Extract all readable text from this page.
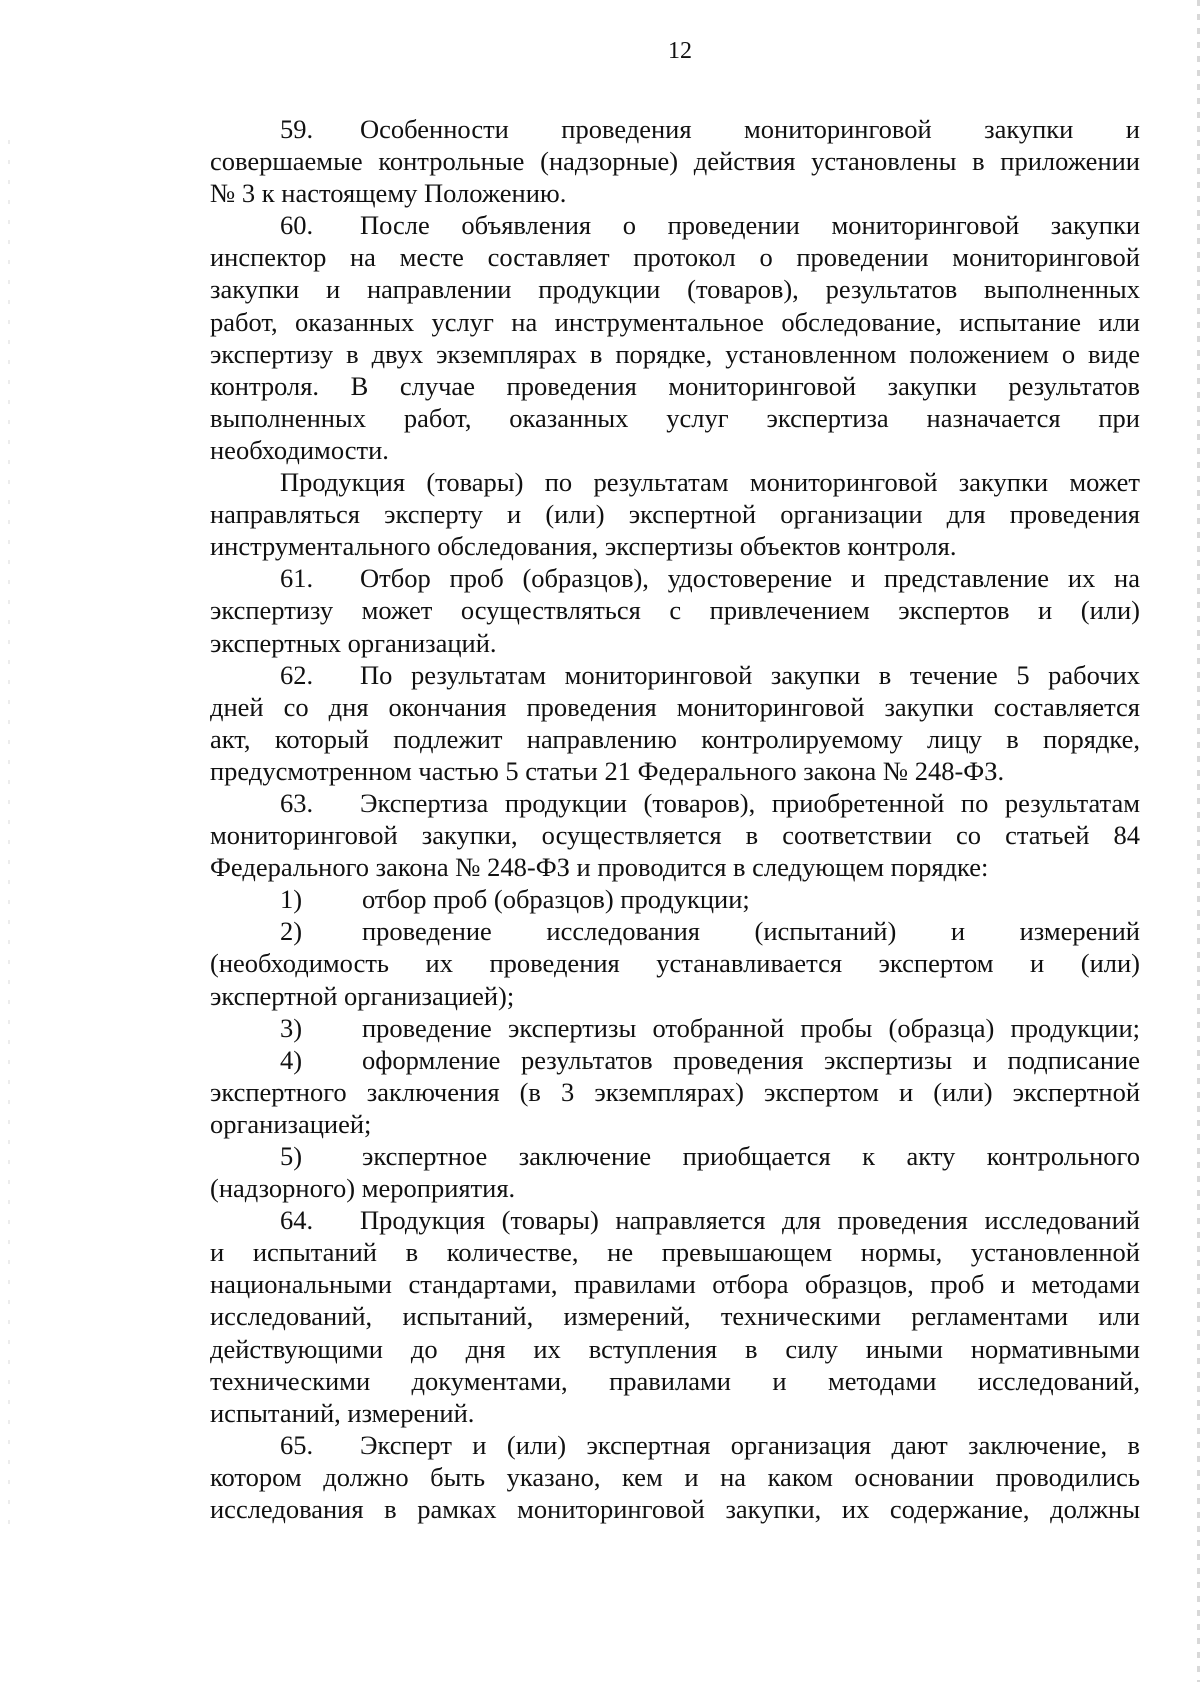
12
59. Особенности проведения мониторинговой закупки и
совершаемые контрольные (надзорные) действия установлены в приложении
№ 3 к настоящему Положению.
60. После объявления о проведении мониторинговой закупки
инспектор на месте составляет протокол о проведении мониторинговой
закупки и направлении продукции (товаров), результатов выполненных
работ, оказанных услуг на инструментальное обследование, испытание или
экспертизу в двух экземплярах в порядке, установленном положением о виде
контроля. В случае проведения мониторинговой закупки результатов
выполненных работ, оказанных услуг экспертиза назначается при
необходимости.
Продукция (товары) по результатам мониторинговой закупки может
направляться эксперту и (или) экспертной организации для проведения
инструментального обследования, экспертизы объектов контроля.
61. Отбор проб (образцов), удостоверение и представление их на
экспертизу может осуществляться с привлечением экспертов и (или)
экспертных организаций.
62. По результатам мониторинговой закупки в течение 5 рабочих
дней со дня окончания проведения мониторинговой закупки составляется
акт, который подлежит направлению контролируемому лицу в порядке,
предусмотренном частью 5 статьи 21 Федерального закона № 248-ФЗ.
63. Экспертиза продукции (товаров), приобретенной по результатам
мониторинговой закупки, осуществляется в соответствии со статьей 84
Федерального закона № 248-ФЗ и проводится в следующем порядке:
1) отбор проб (образцов) продукции;
2) проведение исследования (испытаний) и измерений
(необходимость их проведения устанавливается экспертом и (или)
экспертной организацией);
3) проведение экспертизы отобранной пробы (образца) продукции;
4) оформление результатов проведения экспертизы и подписание
экспертного заключения (в 3 экземплярах) экспертом и (или) экспертной
организацией;
5) экспертное заключение приобщается к акту контрольного
(надзорного) мероприятия.
64. Продукция (товары) направляется для проведения исследований
и испытаний в количестве, не превышающем нормы, установленной
национальными стандартами, правилами отбора образцов, проб и методами
исследований, испытаний, измерений, техническими регламентами или
действующими до дня их вступления в силу иными нормативными
техническими документами, правилами и методами исследований,
испытаний, измерений.
65. Эксперт и (или) экспертная организация дают заключение, в
котором должно быть указано, кем и на каком основании проводились
исследования в рамках мониторинговой закупки, их содержание, должны
